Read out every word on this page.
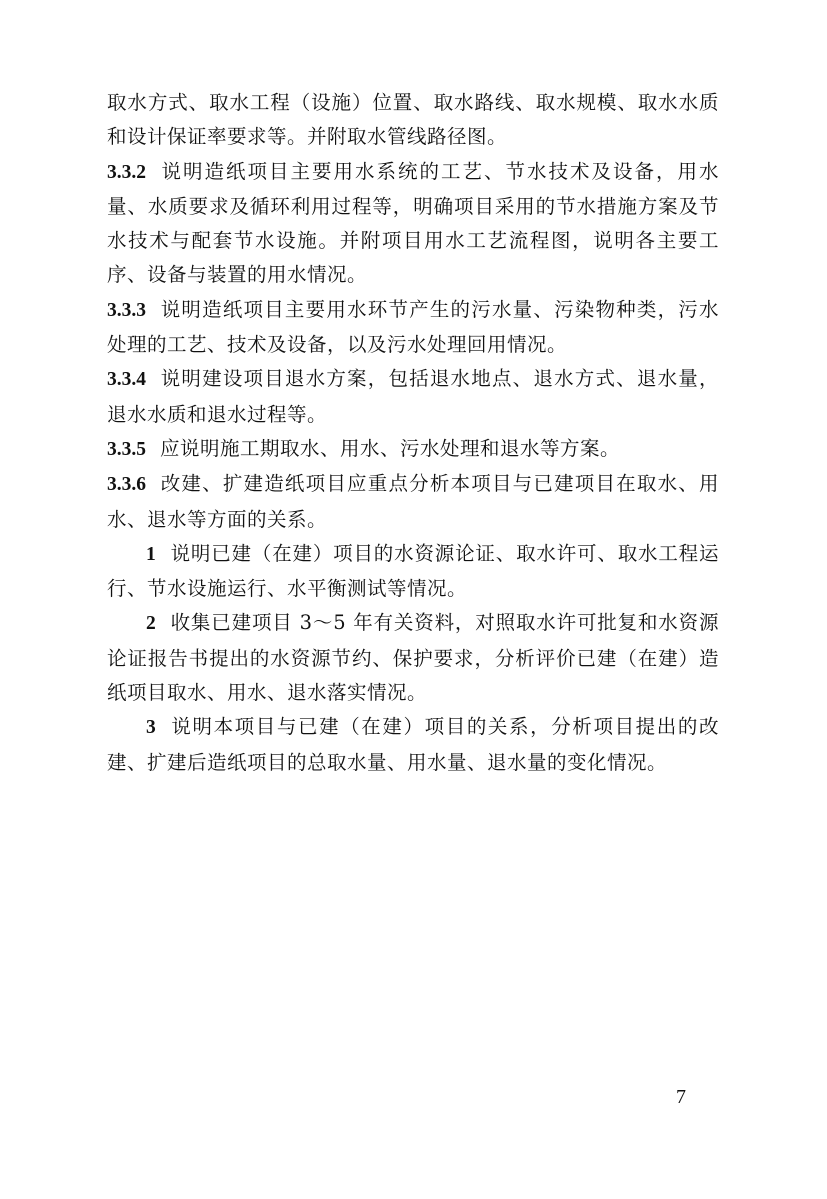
取水方式、取水工程（设施）位置、取水路线、取水规模、取水水质和设计保证率要求等。并附取水管线路径图。

3.3.2 说明造纸项目主要用水系统的工艺、节水技术及设备，用水量、水质要求及循环利用过程等，明确项目采用的节水措施方案及节水技术与配套节水设施。并附项目用水工艺流程图，说明各主要工序、设备与装置的用水情况。

3.3.3 说明造纸项目主要用水环节产生的污水量、污染物种类，污水处理的工艺、技术及设备，以及污水处理回用情况。

3.3.4 说明建设项目退水方案，包括退水地点、退水方式、退水量，退水水质和退水过程等。

3.3.5 应说明施工期取水、用水、污水处理和退水等方案。

3.3.6 改建、扩建造纸项目应重点分析本项目与已建项目在取水、用水、退水等方面的关系。

1 说明已建（在建）项目的水资源论证、取水许可、取水工程运行、节水设施运行、水平衡测试等情况。

2 收集已建项目 3～5 年有关资料，对照取水许可批复和水资源论证报告书提出的水资源节约、保护要求，分析评价已建（在建）造纸项目取水、用水、退水落实情况。

3 说明本项目与已建（在建）项目的关系，分析项目提出的改建、扩建后造纸项目的总取水量、用水量、退水量的变化情况。

7
